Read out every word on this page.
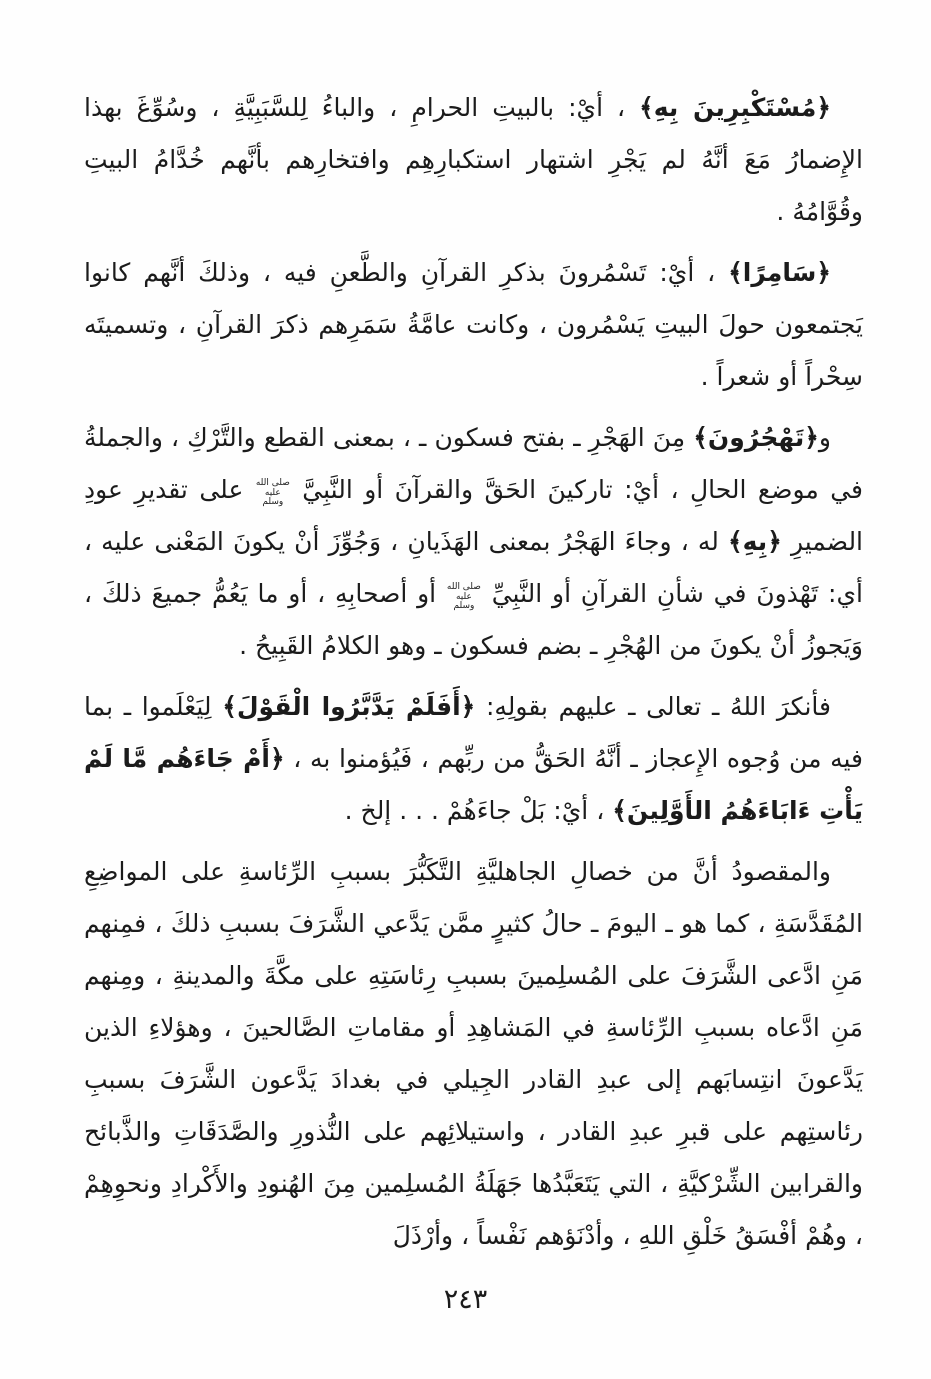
﴿مُسْتَكْبِرِينَ بِهِ﴾ ، أيْ: بالبيتِ الحرامِ ، والباءُ لِلسَّبَبِيَّةِ ، وسُوِّغَ بهذا الإِضمارُ مَعَ أنَّهُ لم يَجْرِ اشتهار استكبارِهِم وافتخارِهم بأنَّهم خُدَّامُ البيتِ وقُوَّامُهُ .

﴿سَامِرًا﴾ ، أيْ: تَسْمُرونَ بذكرِ القرآنِ والطَّعنِ فيه ، وذلكَ أنَّهم كانوا يَجتمعون حولَ البيتِ يَسْمُرون ، وكانت عامَّةُ سَمَرِهم ذكرَ القرآنِ ، وتسميتَه سِحْراً أو شعراً .

و﴿تَهْجُرُونَ﴾ مِنَ الهَجْرِ ـ بفتح فسكون ـ ، بمعنى القطع والتَّرْكِ ، والجملةُ في موضع الحالِ ، أيْ: تاركينَ الحَقَّ والقرآنَ أو النَّبِيَّ صلى الله عليه وسلم على تقديرِ عودِ الضميرِ ﴿بِهِ﴾ له ، وجاءَ الهَجْرُ بمعنى الهَذَيانِ ، وَجُوِّزَ أنْ يكونَ المَعْنى عليه ، أي: تَهْذونَ في شأنِ القرآنِ أو النَّبِيِّ صلى الله عليه وسلم أو أصحابِهِ ، أو ما يَعُمُّ جميعَ ذلكَ ، وَيَجوزُ أنْ يكونَ من الهُجْرِ ـ بضم فسكون ـ وهو الكلامُ القَبِيحُ .

فأنكرَ اللهُ ـ تعالى ـ عليهم بقولِهِ: ﴿أَفَلَمْ يَدَّبَّرُوا الْقَوْلَ﴾ لِيَعْلَموا ـ بما فيه من وُجوه الإِعجاز ـ أنَّهُ الحَقُّ من ربِّهم ، فَيُؤمنوا به ، ﴿أَمْ جَاءَهُم مَّا لَمْ يَأْتِ ءَابَاءَهُمُ الأَوَّلِينَ﴾ ، أيْ: بَلْ جاءَهُمْ . . . إلخ .

والمقصودُ أنَّ من خصالِ الجاهليَّةِ التَّكَبُّرَ بسببِ الرِّئاسةِ على المواضِعِ المُقَدَّسَةِ ، كما هو ـ اليومَ ـ حالُ كثيرٍ ممَّن يَدَّعي الشَّرَفَ بسببِ ذلكَ ، فمِنهم مَنِ ادَّعى الشَّرَفَ على المُسلِمينَ بسببِ رِئاسَتِهِ على مكَّةَ والمدينةِ ، ومِنهم مَنِ ادَّعاه بسببِ الرِّئاسةِ في المَشاهِدِ أو مقاماتِ الصَّالحينَ ، وهؤلاءِ الذين يَدَّعونَ انتِسابَهم إلى عبدِ القادر الجِيلي في بغدادَ يَدَّعون الشَّرَفَ بسببِ رئاستِهم على قبرِ عبدِ القادر ، واستيلائِهم على النُّذورِ والصَّدَقَاتِ والذَّبائح والقرابين الشِّرْكيَّةِ ، التي يَتَعَبَّدُها جَهَلَةُ المُسلِمين مِنَ الهُنودِ والأَكْرادِ ونحوِهِمْ ، وهُمْ أفْسَقُ خَلْقِ اللهِ ، وأدْنَؤهم نَفْساً ، وأرْذَلَ

٢٤٣
